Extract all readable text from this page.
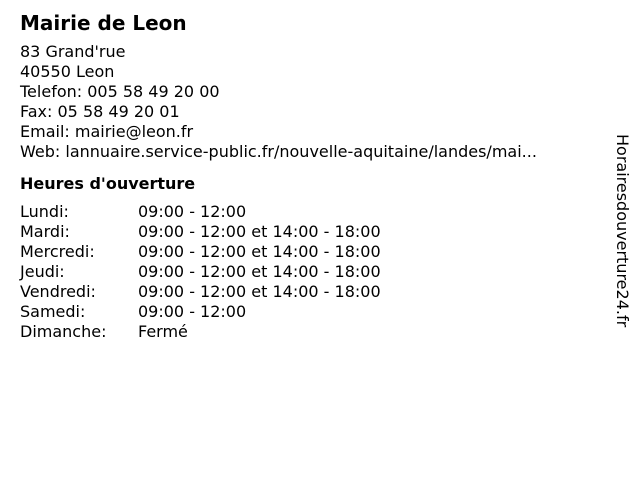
Mairie de Leon
83 Grand'rue
40550 Leon
Telefon: 005 58 49 20 00
Fax: 05 58 49 20 01
Email: mairie@leon.fr
Web: lannuaire.service-public.fr/nouvelle-aquitaine/landes/mai...
Heures d'ouverture
Lundi:	09:00 - 12:00
Mardi:	09:00 - 12:00 et 14:00 - 18:00
Mercredi:	09:00 - 12:00 et 14:00 - 18:00
Jeudi:	09:00 - 12:00 et 14:00 - 18:00
Vendredi:	09:00 - 12:00 et 14:00 - 18:00
Samedi:	09:00 - 12:00
Dimanche:	Fermé
Horairesdouverture24.fr
